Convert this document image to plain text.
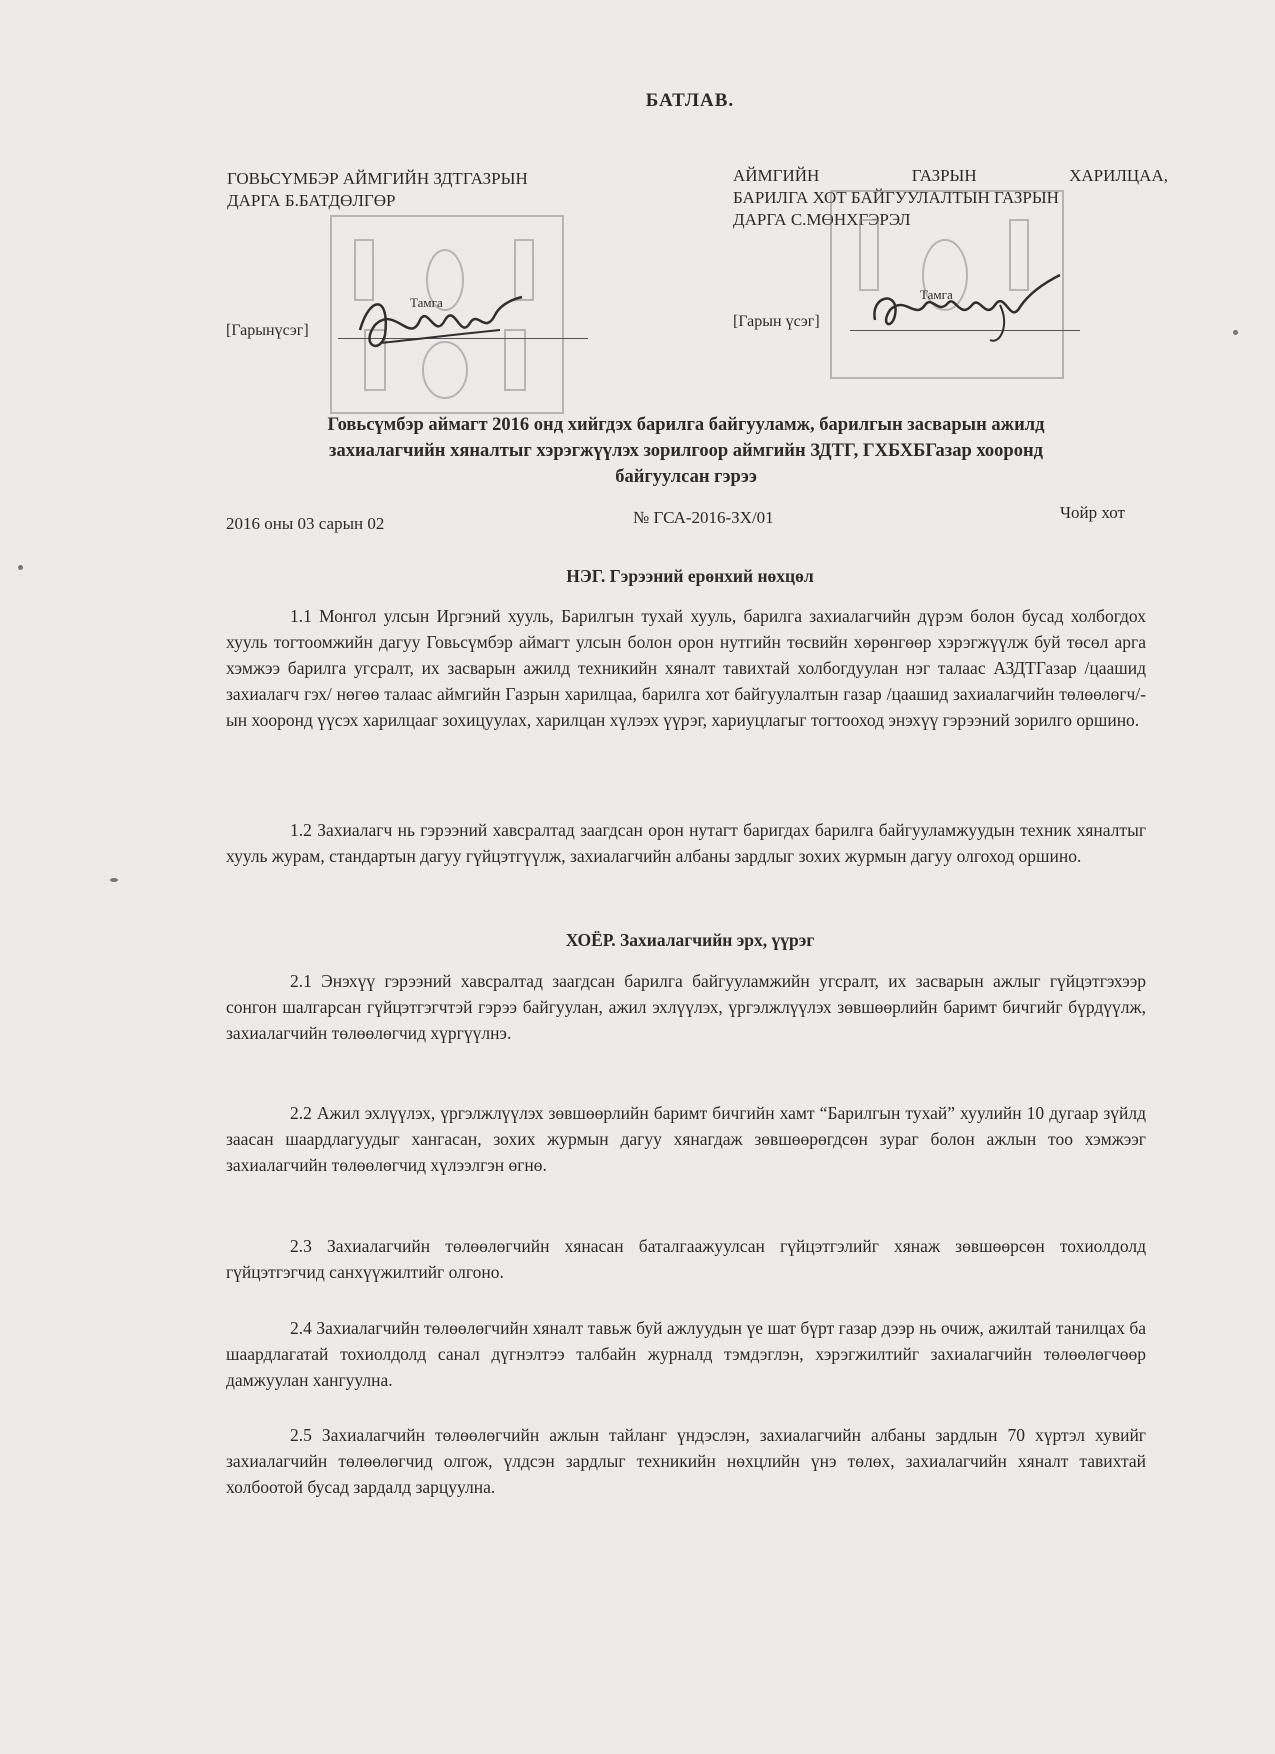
БАТЛАВ.
ГОВЬСҮМБЭР АЙМГИЙН ЗДТГАЗРЫН
ДАРГА Б.БАТДӨЛГӨР
Тамга
[Гарынүсэг]
АЙМГИЙН	ГАЗРЫН	ХАРИЛЦАА,
БАРИЛГА ХОТ БАЙГУУЛАЛТЫН ГАЗРЫН
ДАРГА С.МӨНХГЭРЭЛ
Тамга
[Гарын үсэг]
Говьсүмбэр аймагт 2016 онд хийгдэх барилга байгууламж, барилгын засварын ажилд
захиалагчийн хяналтыг хэрэгжүүлэх зорилгоор аймгийн ЗДТГ, ГХБХБГазар хооронд
байгуулсан гэрээ
2016 оны 03 сарын 02	№ ГСА-2016-ЗХ/01	Чойр хот
НЭГ. Гэрээний ерөнхий нөхцөл

1.1 Монгол улсын Иргэний хууль, Барилгын тухай хууль, барилга захиалагчийн дүрэм болон бусад холбогдох хууль тогтоомжийн дагуу Говьсүмбэр аймагт улсын болон орон нутгийн төсвийн хөрөнгөөр хэрэгжүүлж буй төсөл арга хэмжээ барилга угсралт, их засварын ажилд техникийн хяналт тавихтай холбогдуулан нэг талаас АЗДТГазар /цаашид захиалагч гэх/ нөгөө талаас аймгийн Газрын харилцаа, барилга хот байгуулалтын газар /цаашид захиалагчийн төлөөлөгч/-ын хооронд үүсэх харилцааг зохицуулах, харилцан хүлээх үүрэг, хариуцлагыг тогтооход энэхүү гэрээний зорилго оршино.

1.2 Захиалагч нь гэрээний хавсралтад заагдсан орон нутагт баригдах барилга байгууламжуудын техник хяналтыг хууль журам, стандартын дагуу гүйцэтгүүлж, захиалагчийн албаны зардлыг зохих журмын дагуу олгоход оршино.

ХОЁР. Захиалагчийн эрх, үүрэг

2.1 Энэхүү гэрээний хавсралтад заагдсан барилга байгууламжийн угсралт, их засварын ажлыг гүйцэтгэхээр сонгон шалгарсан гүйцэтгэгчтэй гэрээ байгуулан, ажил эхлүүлэх, үргэлжлүүлэх зөвшөөрлийн баримт бичгийг бүрдүүлж, захиалагчийн төлөөлөгчид хүргүүлнэ.

2.2 Ажил эхлүүлэх, үргэлжлүүлэх зөвшөөрлийн баримт бичгийн хамт “Барилгын тухай” хуулийн 10 дугаар зүйлд заасан шаардлагуудыг хангасан, зохих журмын дагуу хянагдаж зөвшөөрөгдсөн зураг болон ажлын тоо хэмжээг захиалагчийн төлөөлөгчид хүлээлгэн өгнө.

2.3 Захиалагчийн төлөөлөгчийн хянасан баталгаажуулсан гүйцэтгэлийг хянаж зөвшөөрсөн тохиолдолд гүйцэтгэгчид санхүүжилтийг олгоно.

2.4 Захиалагчийн төлөөлөгчийн хяналт тавьж буй ажлуудын үе шат бүрт газар дээр нь очиж, ажилтай танилцах ба шаардлагатай тохиолдолд санал дүгнэлтээ талбайн журналд тэмдэглэн, хэрэгжилтийг захиалагчийн төлөөлөгчөөр дамжуулан хангуулна.

2.5 Захиалагчийн төлөөлөгчийн ажлын тайланг үндэслэн, захиалагчийн албаны зардлын 70 хүртэл хувийг захиалагчийн төлөөлөгчид олгож, үлдсэн зардлыг техникийн нөхцлийн үнэ төлөх, захиалагчийн хяналт тавихтай холбоотой бусад зардалд зарцуулна.
